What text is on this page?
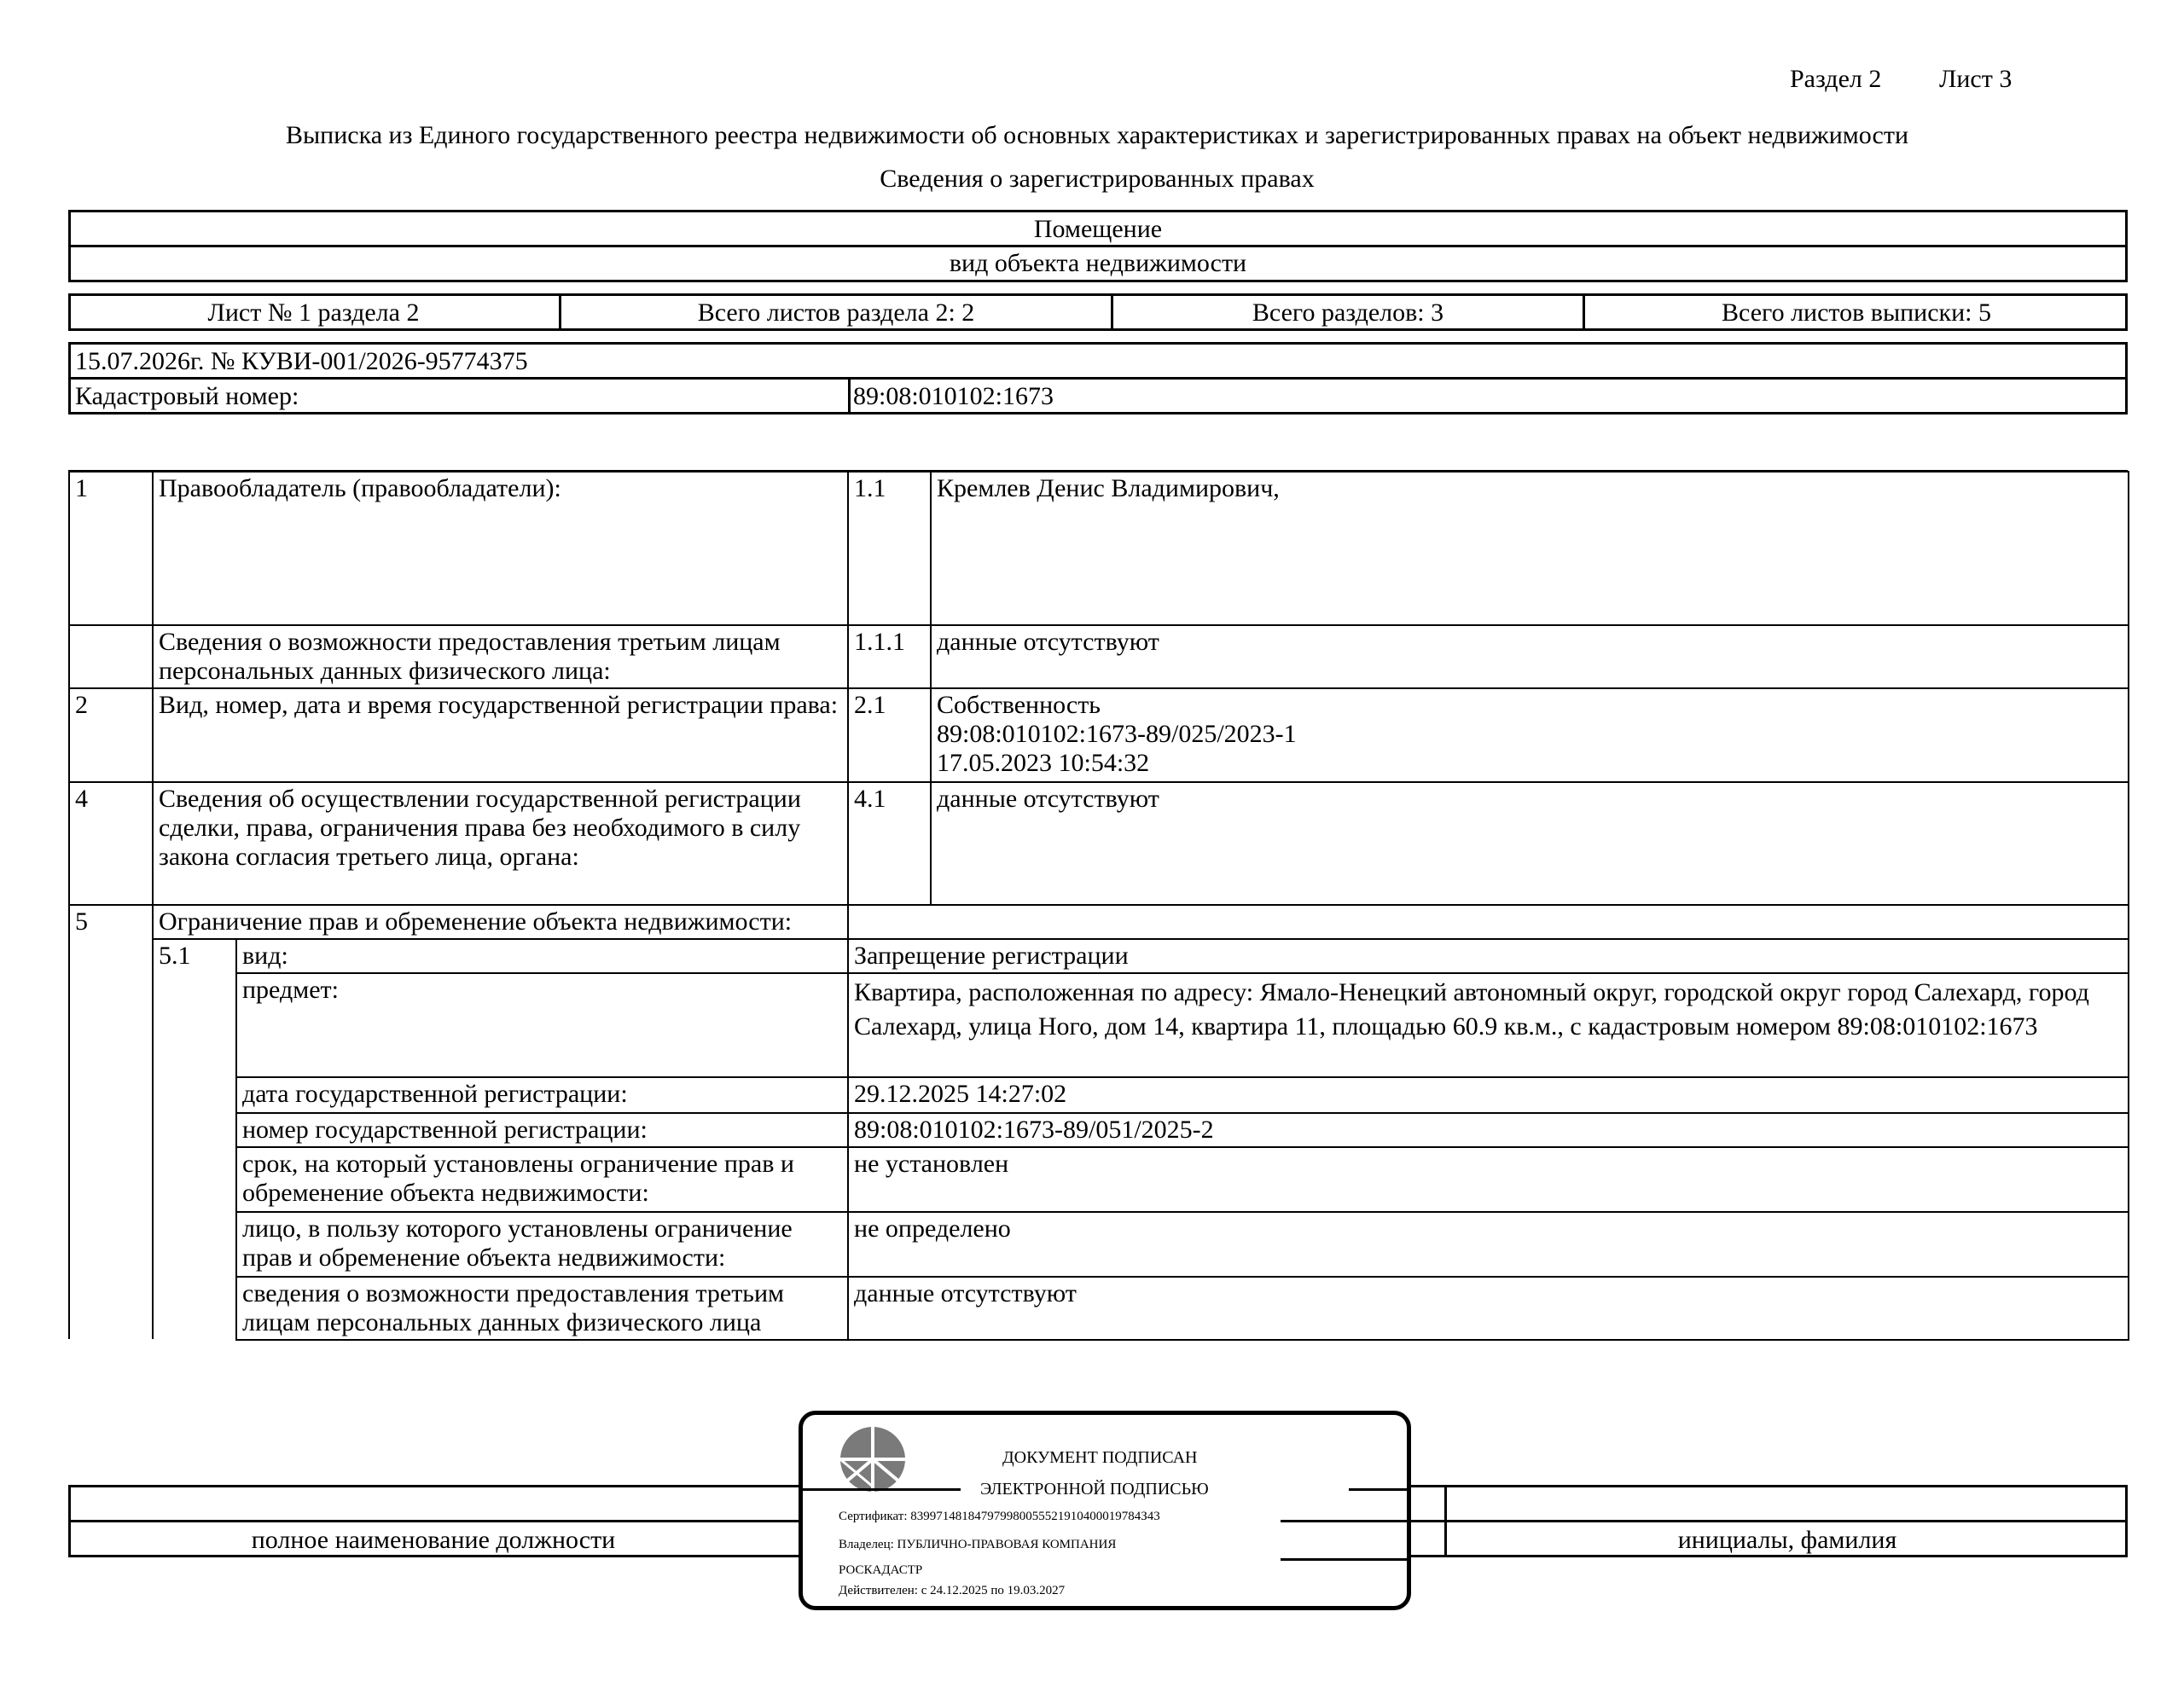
Раздел 2 Лист 3
Выписка из Единого государственного реестра недвижимости об основных характеристиках и зарегистрированных правах на объект недвижимости
Сведения о зарегистрированных правах
Помещение
вид объекта недвижимости
Лист № 1 раздела 2	Всего листов раздела 2: 2	Всего разделов: 3	Всего листов выписки: 5
15.07.2026г. № КУВИ-001/2026-95774375
Кадастровый номер:	89:08:010102:1673
1	Правообладатель (правообладатели):		1.1	Кремлев Денис Владимирович,
	Сведения о возможности предоставления третьим лицам персональных данных физического лица:		1.1.1	данные отсутствуют
2	Вид, номер, дата и время государственной регистрации права:		2.1	Собственность
89:08:010102:1673-89/025/2023-1
17.05.2023 10:54:32

4	Сведения об осуществлении государственной регистрации сделки, права, ограничения права без необходимого в силу закона согласия третьего лица, органа:		4.1	данные отсутствуют
5	Ограничение прав и обременение объекта недвижимости:			
	5.1	вид:	Запрещение регистрации	
		предмет:	Квартира, расположенная по адресу: Ямало-Ненецкий автономный округ, городской округ город Салехард, город Салехард, улица Ного, дом 14, квартира 11, площадью 60.9 кв.м., с кадастровым номером 89:08:010102:1673	
		дата государственной регистрации:	29.12.2025 14:27:02	
		номер государственной регистрации:	89:08:010102:1673-89/051/2025-2	
		срок, на который установлены ограничение прав и обременение объекта недвижимости:	не установлен	
		лицо, в пользу которого установлены ограничение прав и обременение объекта недвижимости:	не определено	
		сведения о возможности предоставления третьим лицам персональных данных физического лица	данные отсутствуют	
полное наименование должности	инициалы, фамилия
ДОКУМЕНТ ПОДПИСАН
ЭЛЕКТРОННОЙ ПОДПИСЬЮ
Сертификат: 839971481847979980055521910400019784З43
Владелец: ПУБЛИЧНО-ПРАВОВАЯ КОМПАНИЯ
РОСКАДАСТР
Действителен: с 24.12.2025 по 19.03.2027
